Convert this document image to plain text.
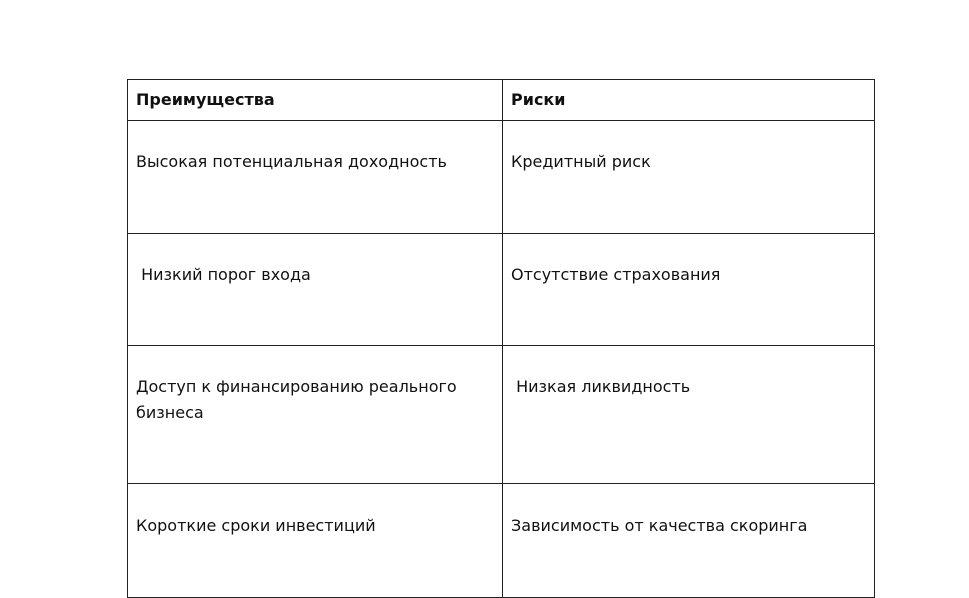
Преимущества	Риски

Высокая потенциальная доходность	Кредитный риск

Низкий порог входа	Отсутствие страхования

Доступ к финансированию реального бизнеса	Низкая ликвидность

Короткие сроки инвестиций	Зависимость от качества скоринга
